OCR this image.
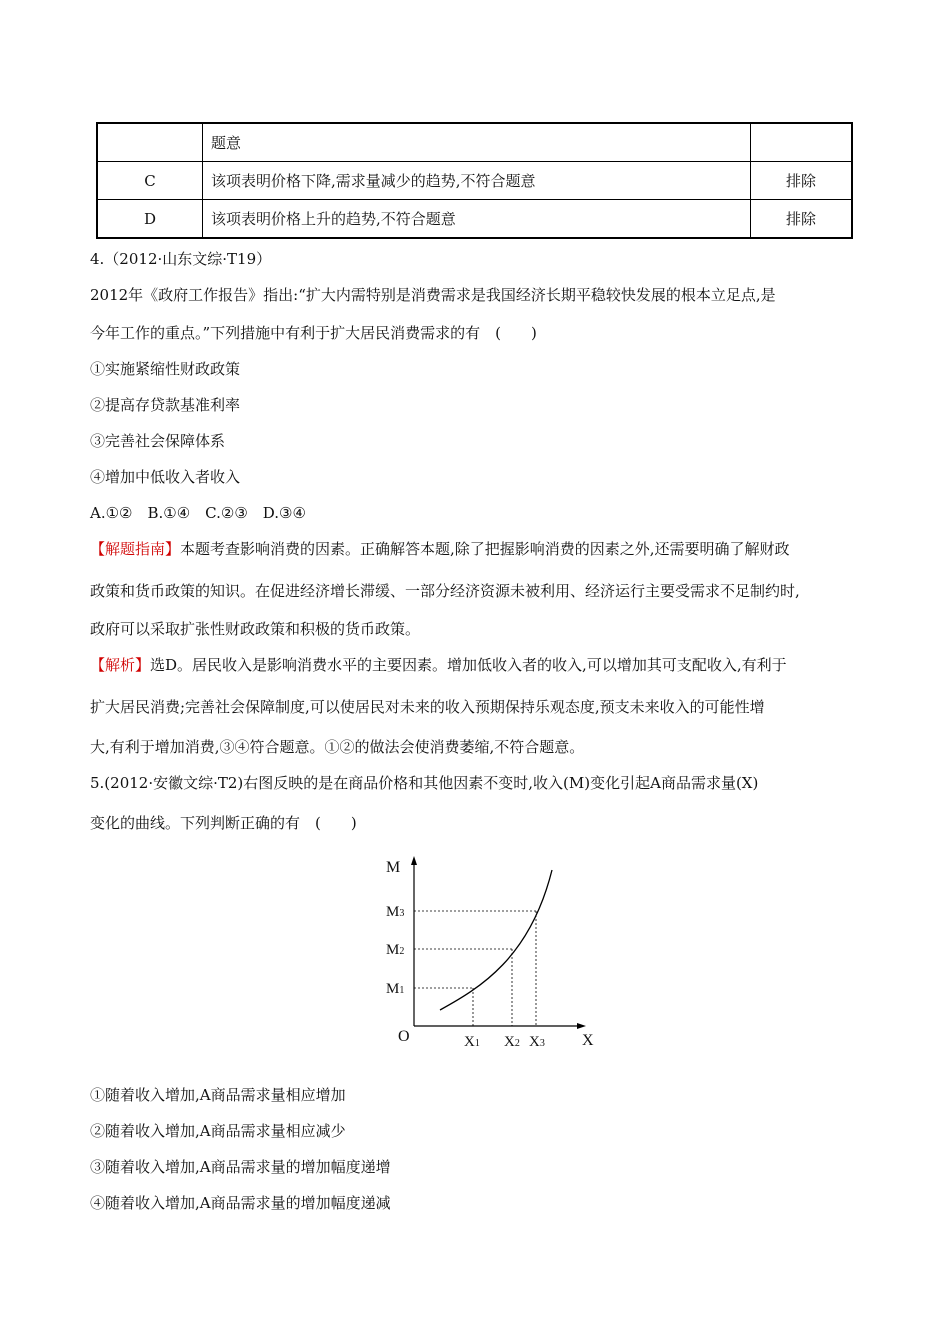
	题意	
C	该项表明价格下降,需求量减少的趋势,不符合题意	排除
D	该项表明价格上升的趋势,不符合题意	排除
4.（2012·山东文综·T19）
2012年《政府工作报告》指出:“扩大内需特别是消费需求是我国经济长期平稳较快发展的根本立足点,是
今年工作的重点。”下列措施中有利于扩大居民消费需求的有　(　　)
①实施紧缩性财政政策
②提高存贷款基准利率
③完善社会保障体系
④增加中低收入者收入
A.①②　B.①④　C.②③　D.③④
【解题指南】本题考查影响消费的因素。正确解答本题,除了把握影响消费的因素之外,还需要明确了解财政
政策和货币政策的知识。在促进经济增长滞缓、一部分经济资源未被利用、经济运行主要受需求不足制约时,
政府可以采取扩张性财政政策和积极的货币政策。
【解析】选D。居民收入是影响消费水平的主要因素。增加低收入者的收入,可以增加其可支配收入,有利于
扩大居民消费;完善社会保障制度,可以使居民对未来的收入预期保持乐观态度,预支未来收入的可能性增
大,有利于增加消费,③④符合题意。①②的做法会使消费萎缩,不符合题意。
5.(2012·安徽文综·T2)右图反映的是在商品价格和其他因素不变时,收入(M)变化引起A商品需求量(X)
变化的曲线。下列判断正确的有　(　　)
M
X
O
M1
M2
M3
X1 X2 X3
①随着收入增加,A商品需求量相应增加
②随着收入增加,A商品需求量相应减少
③随着收入增加,A商品需求量的增加幅度递增
④随着收入增加,A商品需求量的增加幅度递减
